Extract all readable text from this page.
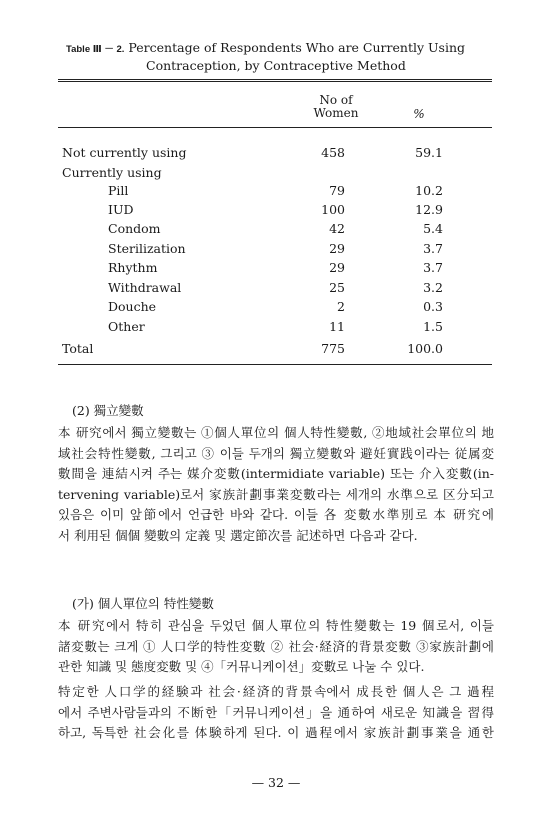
Table Ⅲ － 2. Percentage of Respondents Who are Currently Using
Contraception, by Contraceptive Method
No of Women	%
Not currently using	458	59.1
Currently using
Pill	79	10.2
IUD	100	12.9
Condom	42	5.4
Sterilization	29	3.7
Rhythm	29	3.7
Withdrawal	25	3.2
Douche	2	0.3
Other	11	1.5
Total	775	100.0
(2) 獨立變數
本 研究에서 獨立變數는 ①個人單位의 個人特性變數, ②地域社会單位의 地
域社会特性變數, 그리고 ③ 이들 두개의 獨立變數와 避妊實践이라는 従属変
數間을 連結시켜 주는 媒介変數(intermidiate variable) 또는 介入変數(in-
tervening variable)로서 家族計劃事業変數라는 세개의 水準으로 区分되고
있음은 이미 앞節에서 언급한 바와 같다. 이들 各 変數水準別로 本 研究에
서 利用된 個個 變數의 定義 및 選定節次를 記述하면 다음과 같다.
(가) 個人單位의 特性變數
本 研究에서 特히 관심을 두었던 個人單位의 特性變數는 19 個로서, 이들
諸変數는 크게 ① 人口学的特性変數 ② 社会·経済的背景変數 ③家族計劃에
관한 知識 및 態度変數 및 ④「커뮤니케이션」変數로 나눌 수 있다.
特定한 人口学的経験과 社会·経済的背景속에서 成長한 個人은 그 過程
에서 주변사람들과의 不断한「커뮤니케이션」을 通하여 새로운 知識을 習得
하고, 독특한 社会化를 体験하게 된다. 이 過程에서 家族計劃事業을 通한
— 32 —
